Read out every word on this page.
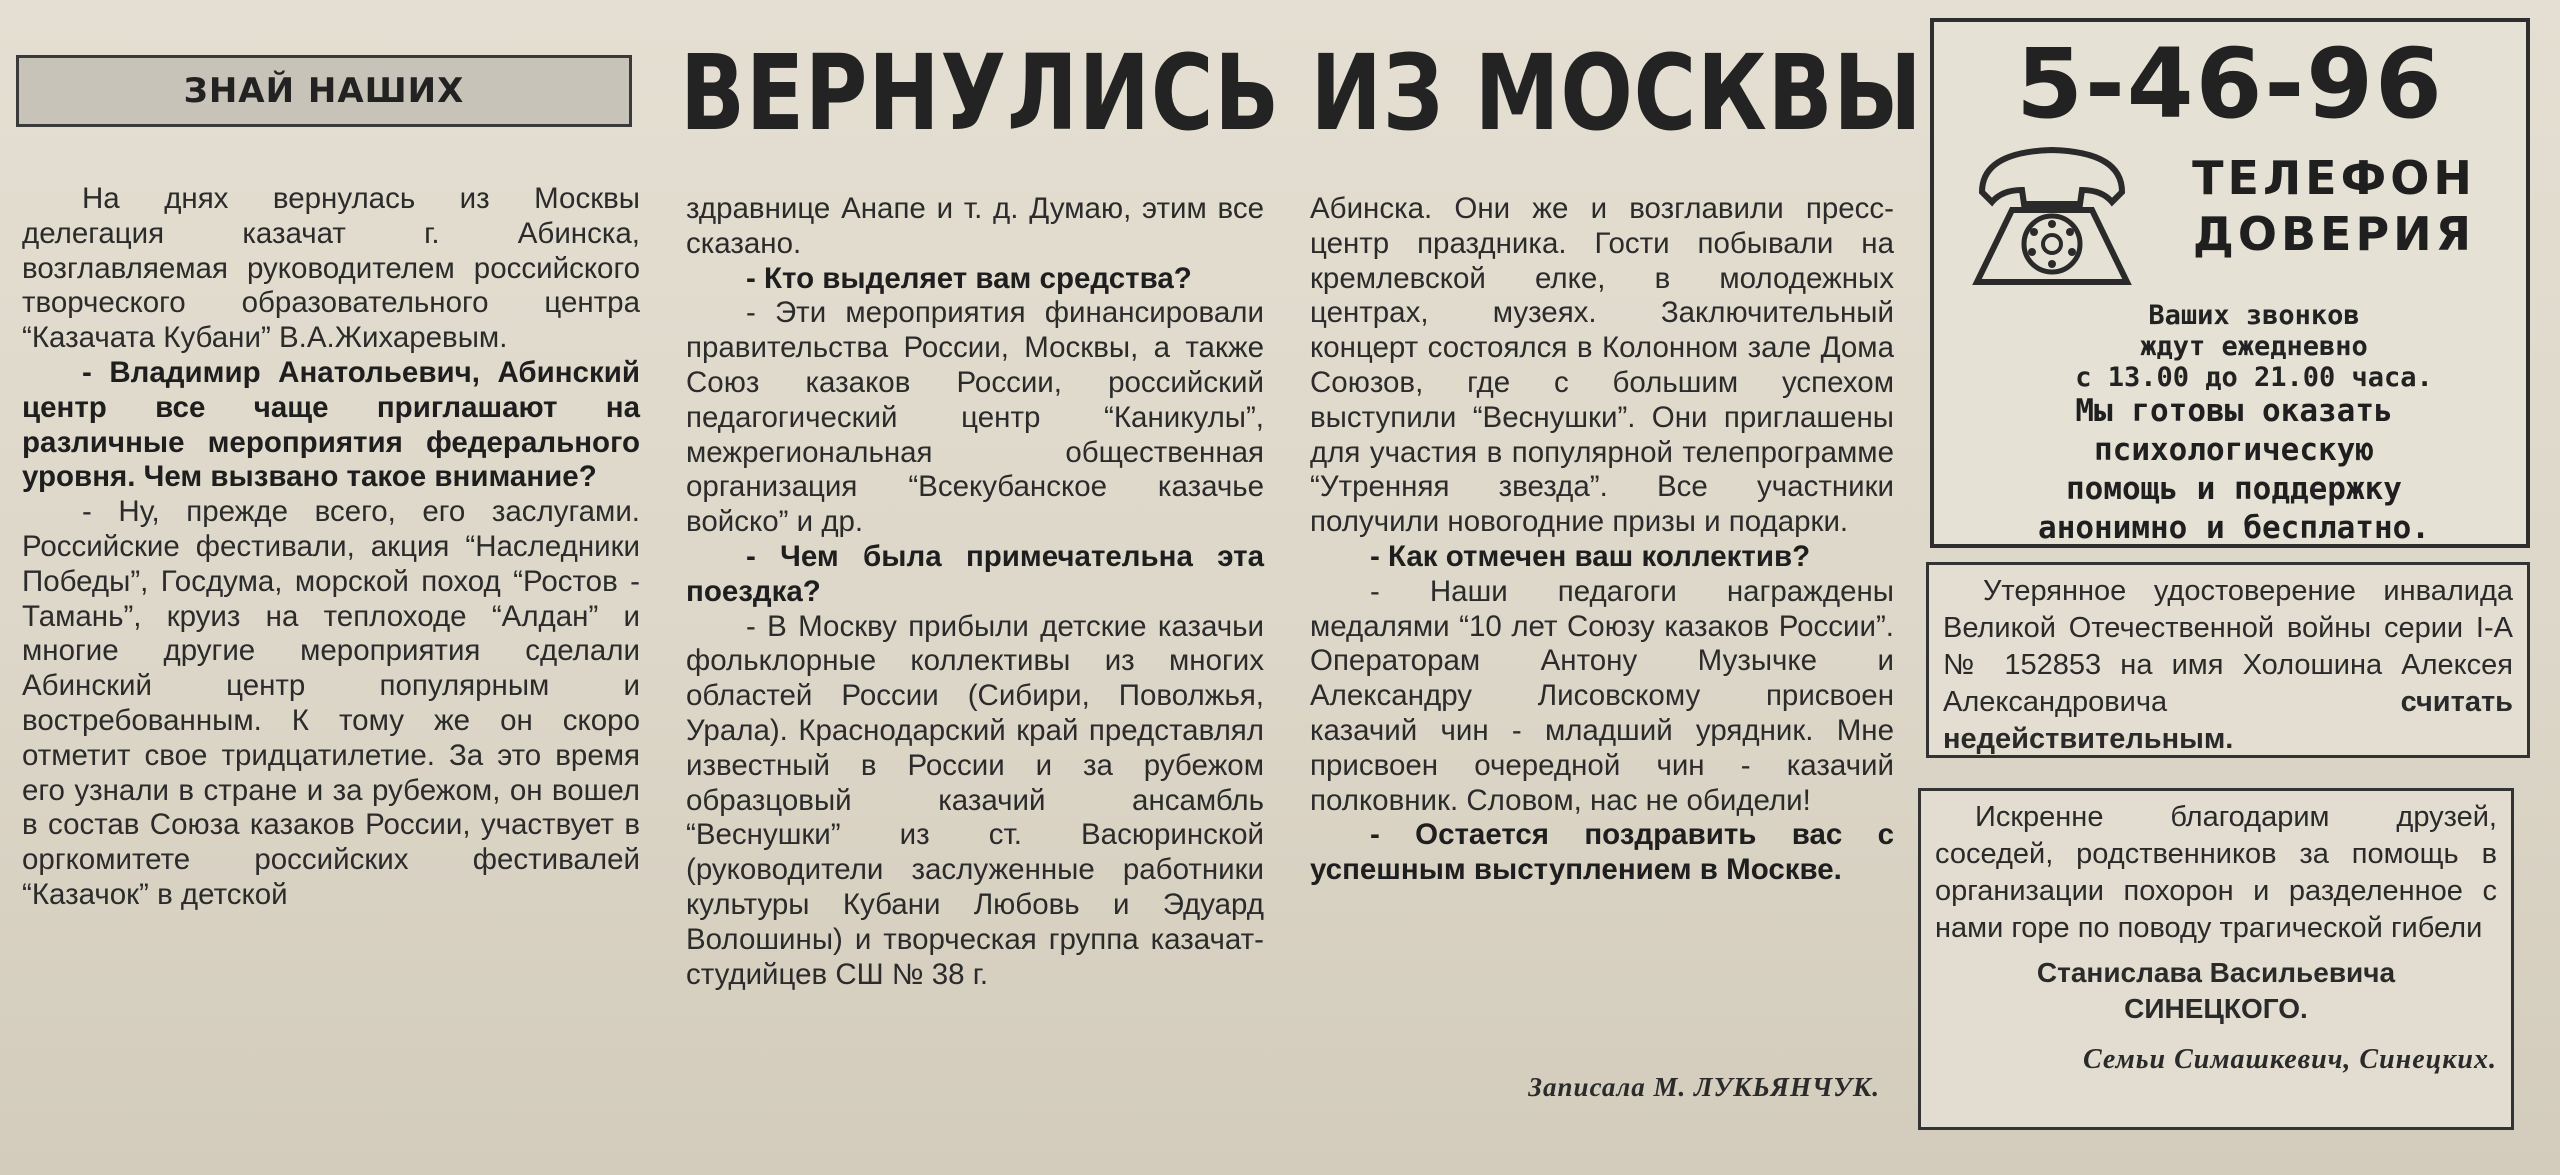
ЗНАЙ НАШИХ ВЕРНУЛИСЬ ИЗ МОСКВЫ

На днях вернулась из Москвы делегация казачат г. Абинска, возглавляемая руководителем российского творческого образовательного центра “Казачата Кубани” В.А.Жихаревым.

- Владимир Анатольевич, Абинский центр все чаще приглашают на различные мероприятия федерального уровня. Чем вызвано такое внимание?

- Ну, прежде всего, его заслугами. Российские фестивали, акция “Наследники Победы”, Госдума, морской поход “Ростов - Тамань”, круиз на теплоходе “Алдан” и многие другие мероприятия сделали Абинский центр популярным и востребованным. К тому же он скоро отметит свое тридцатилетие. За это время его узнали в стране и за рубежом, он вошел в состав Союза казаков России, участвует в оргкомитете российских фестивалей “Казачок” в детской

здравнице Анапе и т. д. Думаю, этим все сказано.

- Кто выделяет вам средства?

- Эти мероприятия финансировали правительства России, Москвы, а также Союз казаков России, российский педагогический центр “Каникулы”, межрегиональная общественная организация “Всекубанское казачье войско” и др.

- Чем была примечательна эта поездка?

- В Москву прибыли детские казачьи фольклорные коллективы из многих областей России (Сибири, Поволжья, Урала). Краснодарский край представлял известный в России и за рубежом образцовый казачий ансамбль “Веснушки” из ст. Васюринской (руководители заслуженные работники культуры Кубани Любовь и Эдуард Волошины) и творческая группа казачат-студийцев СШ № 38 г.

Абинска. Они же и возглавили пресс-центр праздника. Гости побывали на кремлевской елке, в молодежных центрах, музеях. Заключительный концерт состоялся в Колонном зале Дома Союзов, где с большим успехом выступили “Веснушки”. Они приглашены для участия в популярной телепрограмме “Утренняя звезда”. Все участники получили новогодние призы и подарки.

- Как отмечен ваш коллектив?

- Наши педагоги награждены медалями “10 лет Союзу казаков России”. Операторам Антону Музычке и Александру Лисовскому присвоен казачий чин - младший урядник. Мне присвоен очередной чин - казачий полковник. Словом, нас не обидели!

- Остается поздравить вас с успешным выступлением в Москве.

Записала М. ЛУКЬЯНЧУК.
5-46-96
ТЕЛЕФОН
ДОВЕРИЯ
Ваших звонков
ждут ежедневно
с 13.00 до 21.00 часа.
Мы готовы оказать
психологическую
помощь и поддержку
анонимно и бесплатно.
Утерянное удостоверение инвалида Великой Отечественной войны серии I-А № 152853 на имя Холошина Алексея Александровича	считать недействительным.
Искренне благодарим друзей, соседей, родственников за помощь в организации похорон и разделенное с нами горе по поводу трагической гибели
Станислава Васильевича
СИНЕЦКОГО.
Семьи Симашкевич, Синецких.
